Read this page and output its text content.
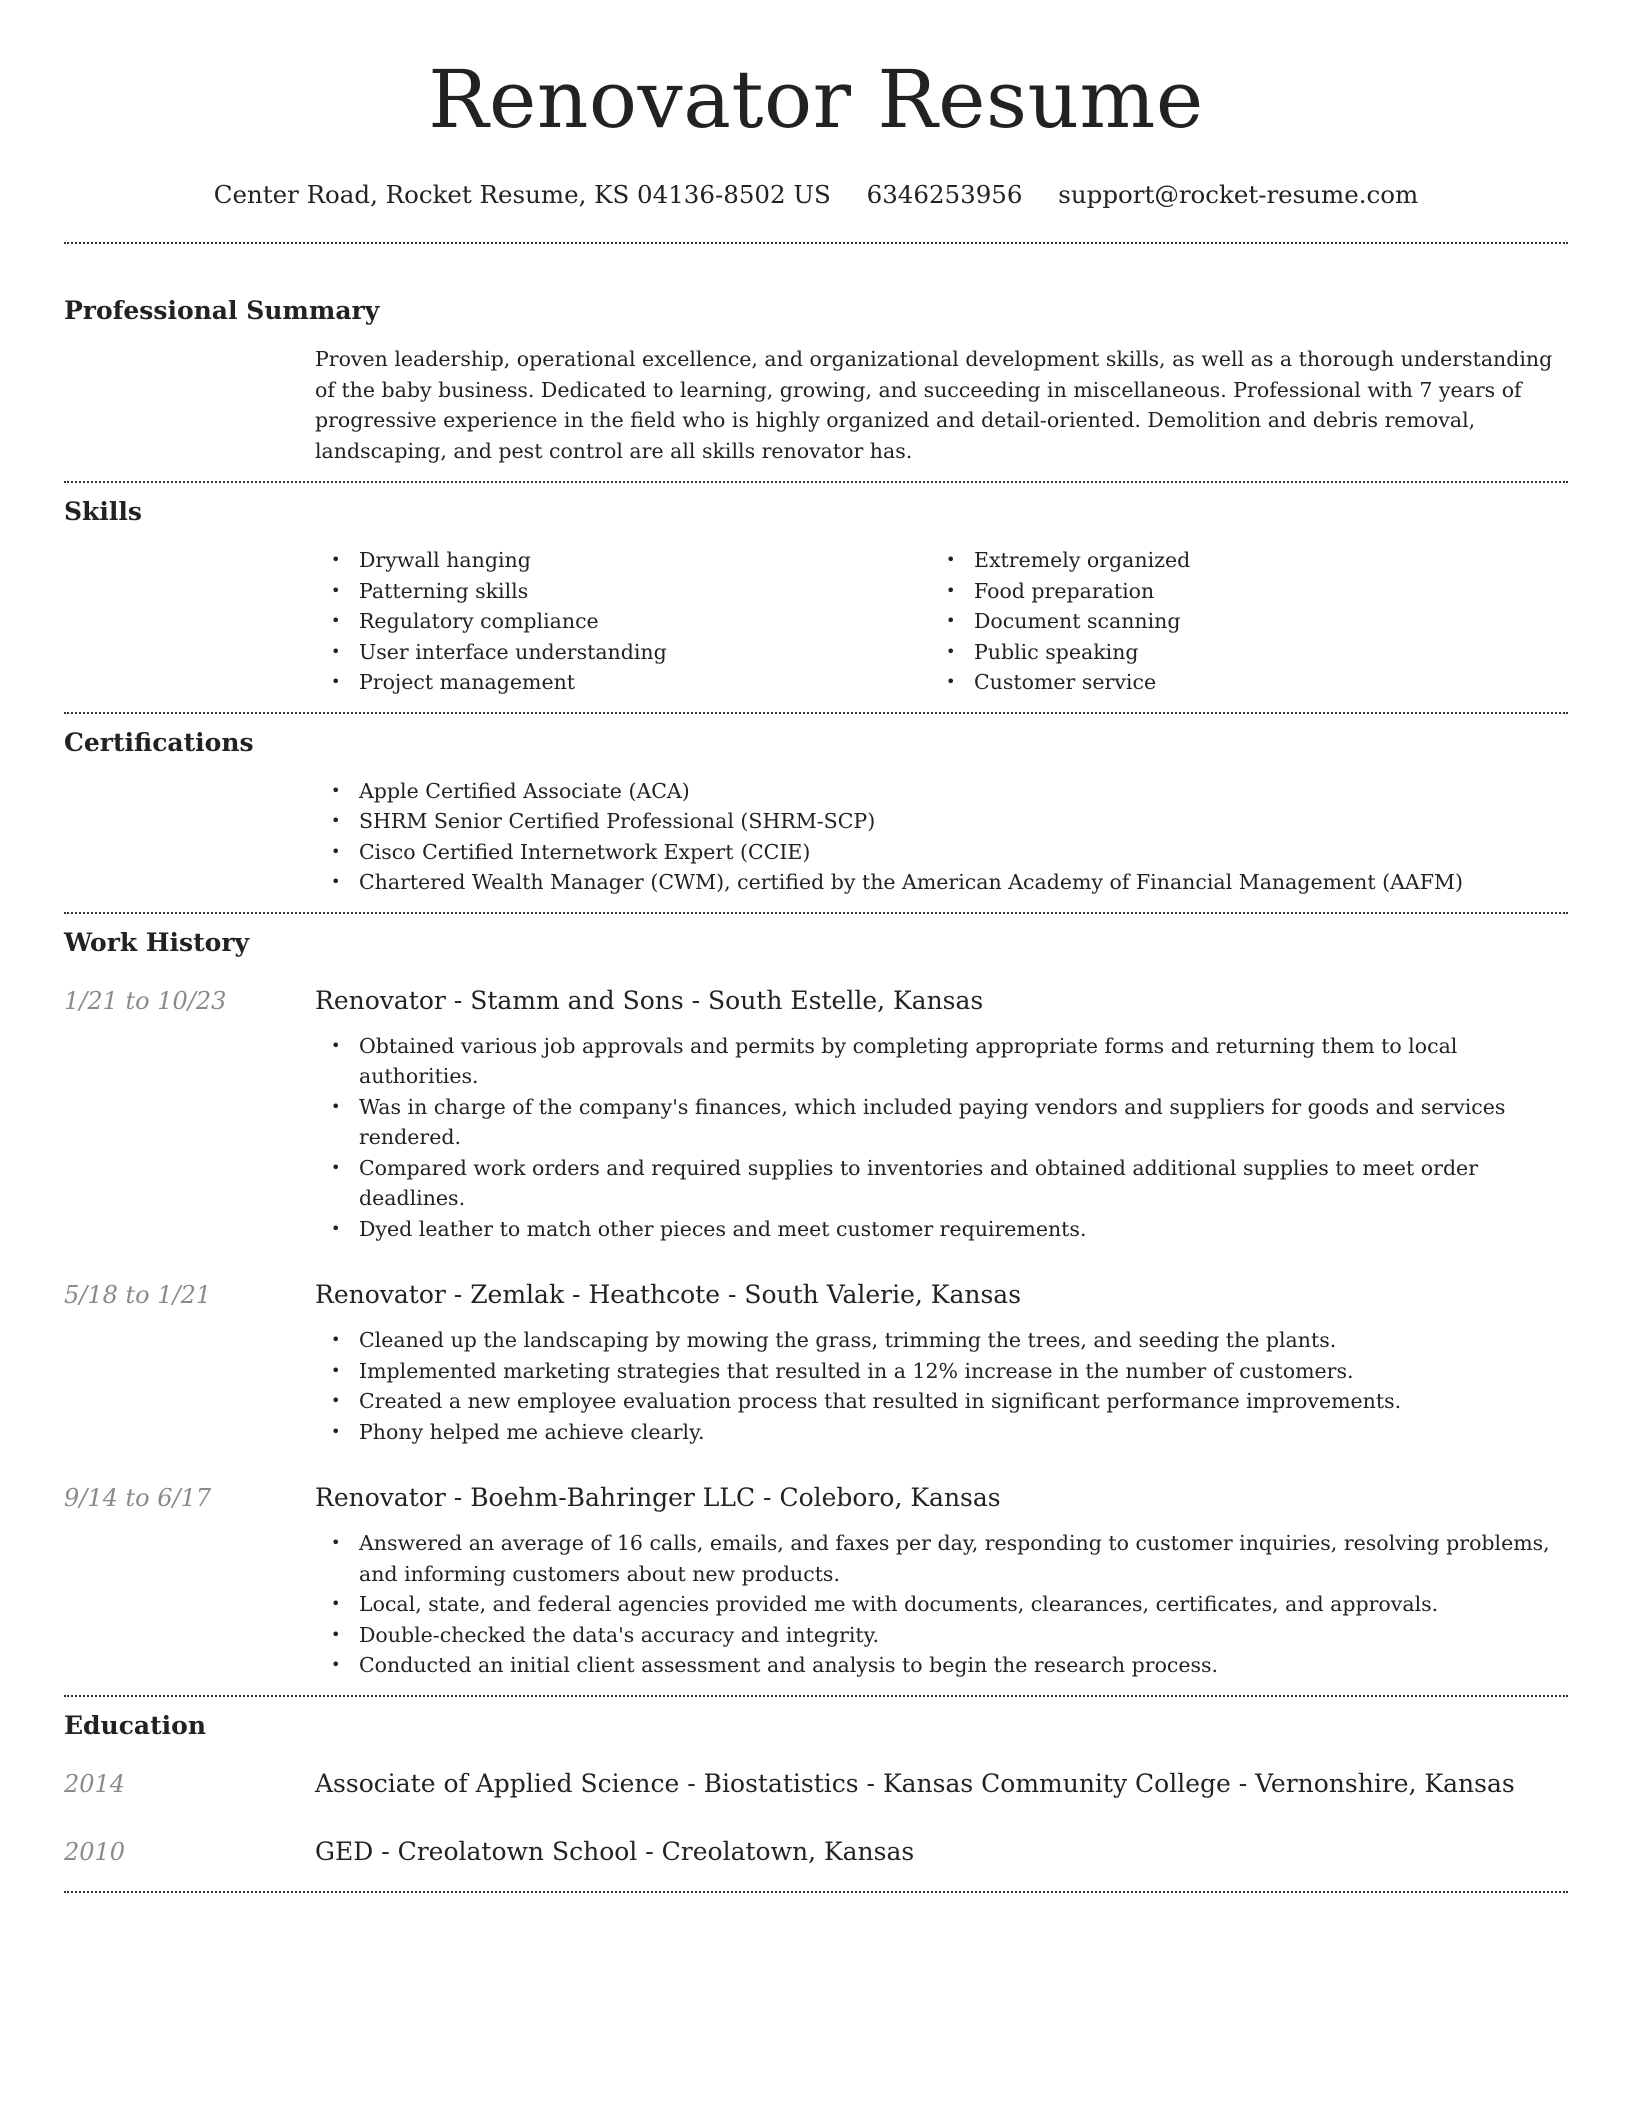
Renovator Resume
Center Road, Rocket Resume, KS 04136-8502 US 6346253956 support@rocket-resume.com
Professional Summary

Proven leadership, operational excellence, and organizational development skills, as well as a thorough understanding of the baby business. Dedicated to learning, growing, and succeeding in miscellaneous. Professional with 7 years of progressive experience in the field who is highly organized and detail-oriented. Demolition and debris removal, landscaping, and pest control are all skills renovator has.

Skills
• Drywall hanging
• Patterning skills
• Regulatory compliance
• User interface understanding
• Project management
• Extremely organized
• Food preparation
• Document scanning
• Public speaking
• Customer service
Certifications
• Apple Certified Associate (ACA)
• SHRM Senior Certified Professional (SHRM-SCP)
• Cisco Certified Internetwork Expert (CCIE)
• Chartered Wealth Manager (CWM), certified by the American Academy of Financial Management (AAFM)
Work History
1/21 to 10/23	Renovator - Stamm and Sons - South Estelle, Kansas
• Obtained various job approvals and permits by completing appropriate forms and returning them to local authorities.
• Was in charge of the company's finances, which included paying vendors and suppliers for goods and services rendered.
• Compared work orders and required supplies to inventories and obtained additional supplies to meet order deadlines.
• Dyed leather to match other pieces and meet customer requirements.
5/18 to 1/21	Renovator - Zemlak - Heathcote - South Valerie, Kansas
• Cleaned up the landscaping by mowing the grass, trimming the trees, and seeding the plants.
• Implemented marketing strategies that resulted in a 12% increase in the number of customers.
• Created a new employee evaluation process that resulted in significant performance improvements.
• Phony helped me achieve clearly.
9/14 to 6/17	Renovator - Boehm-Bahringer LLC - Coleboro, Kansas
• Answered an average of 16 calls, emails, and faxes per day, responding to customer inquiries, resolving problems, and informing customers about new products.
• Local, state, and federal agencies provided me with documents, clearances, certificates, and approvals.
• Double-checked the data's accuracy and integrity.
• Conducted an initial client assessment and analysis to begin the research process.
Education
2014	Associate of Applied Science - Biostatistics - Kansas Community College - Vernonshire, Kansas
2010	GED - Creolatown School - Creolatown, Kansas
